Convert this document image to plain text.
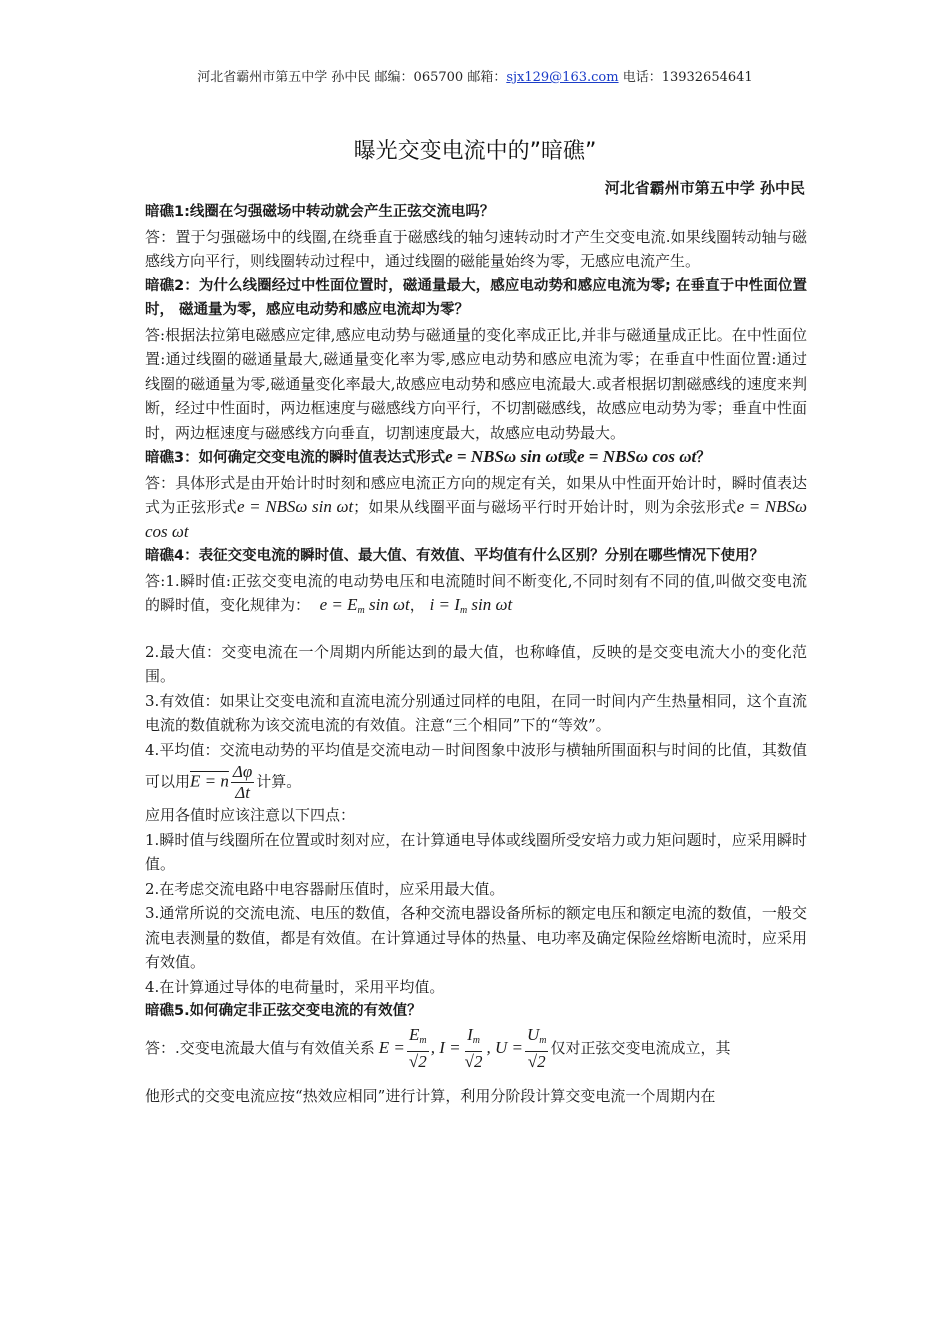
河北省霸州市第五中学 孙中民 邮编：065700 邮箱：sjx129@163.com 电话：13932654641
曝光交变电流中的”暗礁”
河北省霸州市第五中学 孙中民

暗礁1:线圈在匀强磁场中转动就会产生正弦交流电吗？

答：置于匀强磁场中的线圈,在绕垂直于磁感线的轴匀速转动时才产生交变电流.如果线圈转动轴与磁感线方向平行，则线圈转动过程中，通过线圈的磁能量始终为零，无感应电流产生。

暗礁2：为什么线圈经过中性面位置时，磁通量最大，感应电动势和感应电流为零; 在垂直于中性面位置时， 磁通量为零，感应电动势和感应电流却为零？

答:根据法拉第电磁感应定律,感应电动势与磁通量的变化率成正比,并非与磁通量成正比。在中性面位置:通过线圈的磁通量最大,磁通量变化率为零,感应电动势和感应电流为零；在垂直中性面位置:通过线圈的磁通量为零,磁通量变化率最大,故感应电动势和感应电流最大.或者根据切割磁感线的速度来判断，经过中性面时，两边框速度与磁感线方向平行，不切割磁感线，故感应电动势为零；垂直中性面时，两边框速度与磁感线方向垂直，切割速度最大，故感应电动势最大。

暗礁3：如何确定交变电流的瞬时值表达式形式e = NBSω sin ωt或e = NBSω cos ωt？

答：具体形式是由开始计时时刻和感应电流正方向的规定有关，如果从中性面开始计时，瞬时值表达式为正弦形式e = NBSω sin ωt；如果从线圈平面与磁场平行时开始计时，则为余弦形式e = NBSω cos ωt

暗礁4：表征交变电流的瞬时值、最大值、有效值、平均值有什么区别？分别在哪些情况下使用？

答:1.瞬时值:正弦交变电流的电动势电压和电流随时间不断变化,不同时刻有不同的值,叫做交变电流的瞬时值，变化规律为： $e = E_m$ sin ωt， $i = I_m$ sin ωt

2.最大值：交变电流在一个周期内所能达到的最大值，也称峰值，反映的是交变电流大小的变化范围。

3.有效值：如果让交变电流和直流电流分别通过同样的电阻，在同一时间内产生热量相同，这个直流电流的数值就称为该交流电流的有效值。注意“三个相同”下的“等效”。

4.平均值：交流电动势的平均值是交流电动－时间图象中波形与横轴所围面积与时间的比值，其数值可以用E = n $\frac{\Delta\varphi}{\Delta t}$ 计算。

应用各值时应该注意以下四点：

1.瞬时值与线圈所在位置或时刻对应，在计算通电导体或线圈所受安培力或力矩问题时，应采用瞬时值。

2.在考虑交流电路中电容器耐压值时，应采用最大值。

3.通常所说的交流电流、电压的数值，各种交流电器设备所标的额定电压和额定电流的数值，一般交流电表测量的数值，都是有效值。在计算通过导体的热量、电功率及确定保险丝熔断电流时，应采用有效值。

4.在计算通过导体的电荷量时，采用平均值。

暗礁5.如何确定非正弦交变电流的有效值？

答：.交变电流最大值与有效值关系 $E = \frac{E_m}{√2}$ , $I = \frac{I_m}{√2}$ , $U = \frac{U_m}{√2}$ 仅对正弦交变电流成立，其

他形式的交变电流应按“热效应相同”进行计算，利用分阶段计算交变电流一个周期内在
